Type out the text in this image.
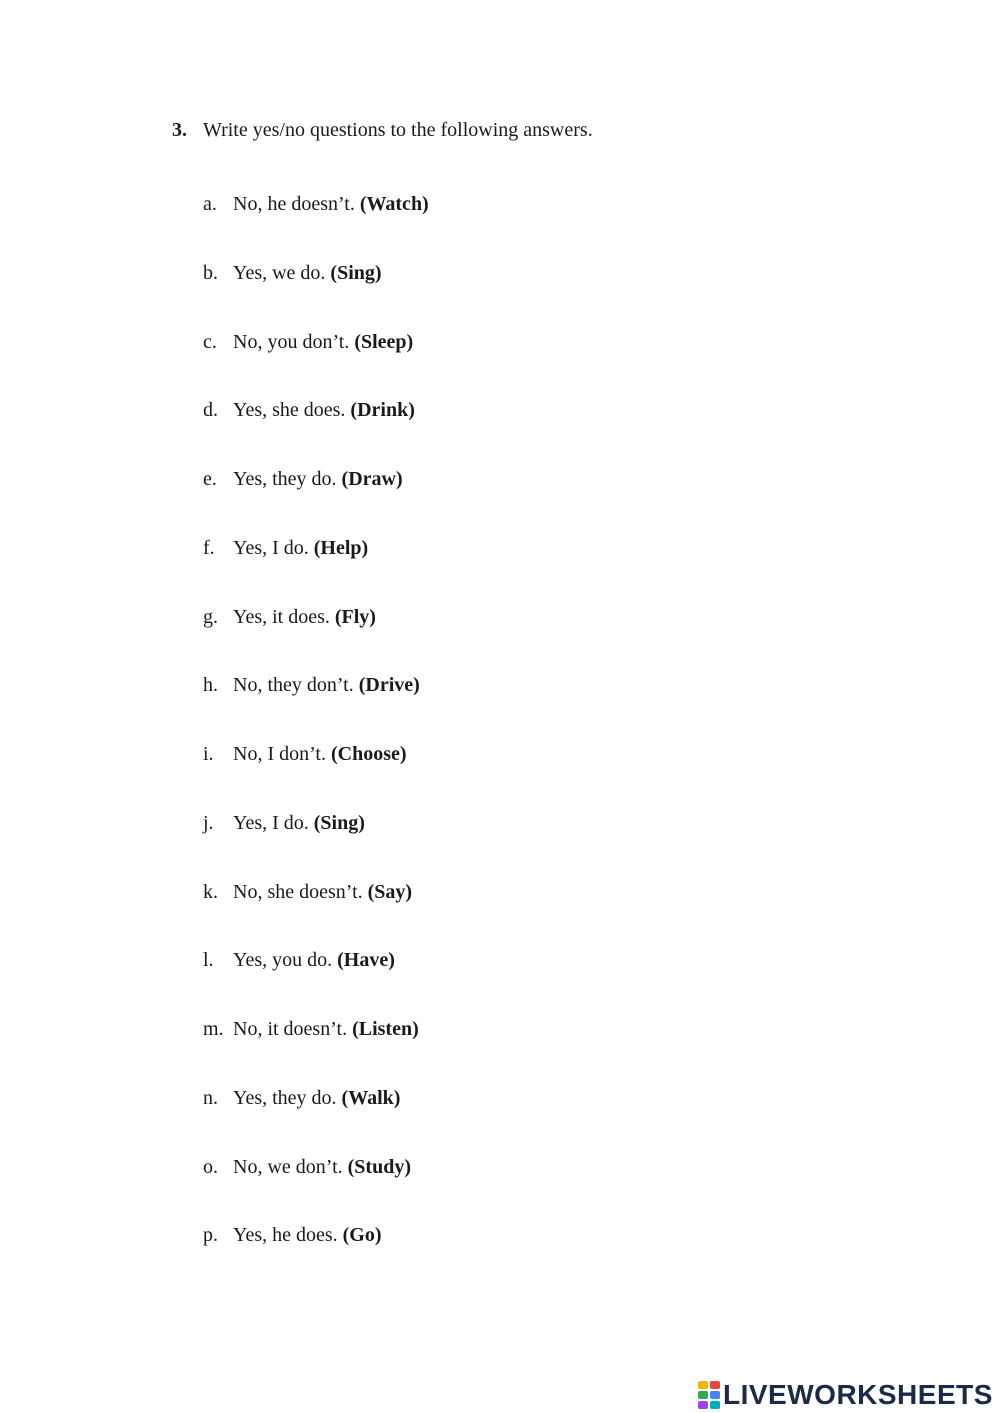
3. Write yes/no questions to the following answers.
a. No, he doesn’t. (Watch)
b. Yes, we do. (Sing)
c. No, you don’t. (Sleep)
d. Yes, she does. (Drink)
e. Yes, they do. (Draw)
f. Yes, I do. (Help)
g. Yes, it does. (Fly)
h. No, they don’t. (Drive)
i. No, I don’t. (Choose)
j. Yes, I do. (Sing)
k. No, she doesn’t. (Say)
l. Yes, you do. (Have)
m. No, it doesn’t. (Listen)
n. Yes, they do. (Walk)
o. No, we don’t. (Study)
p. Yes, he does. (Go)
LIVEWORKSHEETS
